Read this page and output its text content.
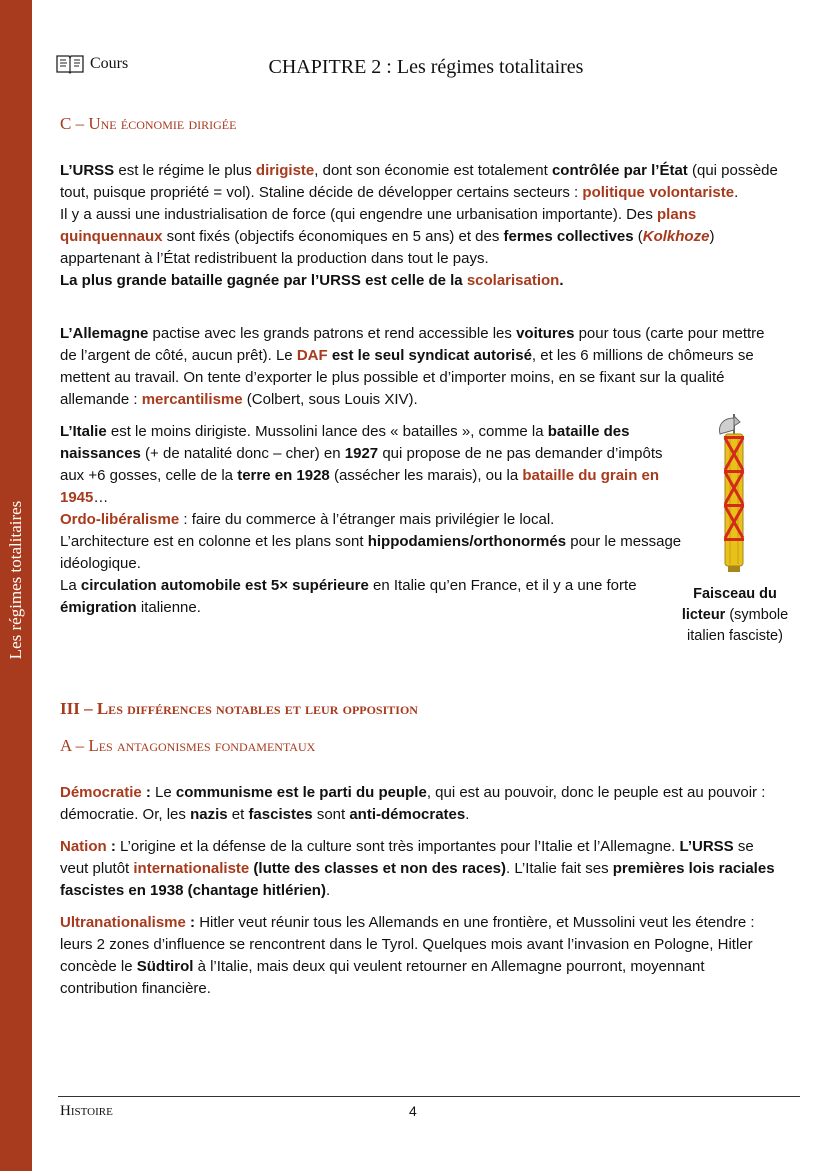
Les régimes totalitaires
Cours	CHAPITRE 2 : Les régimes totalitaires
C – Une économie dirigée

L’URSS est le régime le plus dirigiste, dont son économie est totalement contrôlée par l’État (qui possède tout, puisque propriété = vol). Staline décide de développer certains secteurs : politique volontariste.
Il y a aussi une industrialisation de force (qui engendre une urbanisation importante). Des plans quinquennaux sont fixés (objectifs économiques en 5 ans) et des fermes collectives (Kolkhoze) appartenant à l’État redistribuent la production dans tout le pays.
La plus grande bataille gagnée par l’URSS est celle de la scolarisation.

L’Allemagne pactise avec les grands patrons et rend accessible les voitures pour tous (carte pour mettre de l’argent de côté, aucun prêt). Le DAF est le seul syndicat autorisé, et les 6 millions de chômeurs se mettent au travail. On tente d’exporter le plus possible et d’importer moins, en se fixant sur la qualité allemande : mercantilisme (Colbert, sous Louis XIV).

L’Italie est le moins dirigiste. Mussolini lance des « batailles », comme la bataille des naissances (+ de natalité donc – cher) en 1927 qui propose de ne pas demander d’impôts aux +6 gosses, celle de la terre en 1928 (assécher les marais), ou la bataille du grain en 1945…
Ordo-libéralisme : faire du commerce à l’étranger mais privilégier le local.
L’architecture est en colonne et les plans sont hippodamiens/orthonormés pour le message idéologique.
La circulation automobile est 5× supérieure en Italie qu’en France, et il y a une forte émigration italienne.

Faisceau du licteur (symbole italien fasciste)
III – Les différences notables et leur opposition
A – Les antagonismes fondamentaux

Démocratie : Le communisme est le parti du peuple, qui est au pouvoir, donc le peuple est au pouvoir : démocratie. Or, les nazis et fascistes sont anti-démocrates.

Nation : L’origine et la défense de la culture sont très importantes pour l’Italie et l’Allemagne. L’URSS se veut plutôt internationaliste (lutte des classes et non des races). L’Italie fait ses premières lois raciales fascistes en 1938 (chantage hitlérien).

Ultranationalisme : Hitler veut réunir tous les Allemands en une frontière, et Mussolini veut les étendre : leurs 2 zones d’influence se rencontrent dans le Tyrol. Quelques mois avant l’invasion en Pologne, Hitler concède le Südtirol à l’Italie, mais deux qui veulent retourner en Allemagne pourront, moyennant contribution financière.

Histoire	4
